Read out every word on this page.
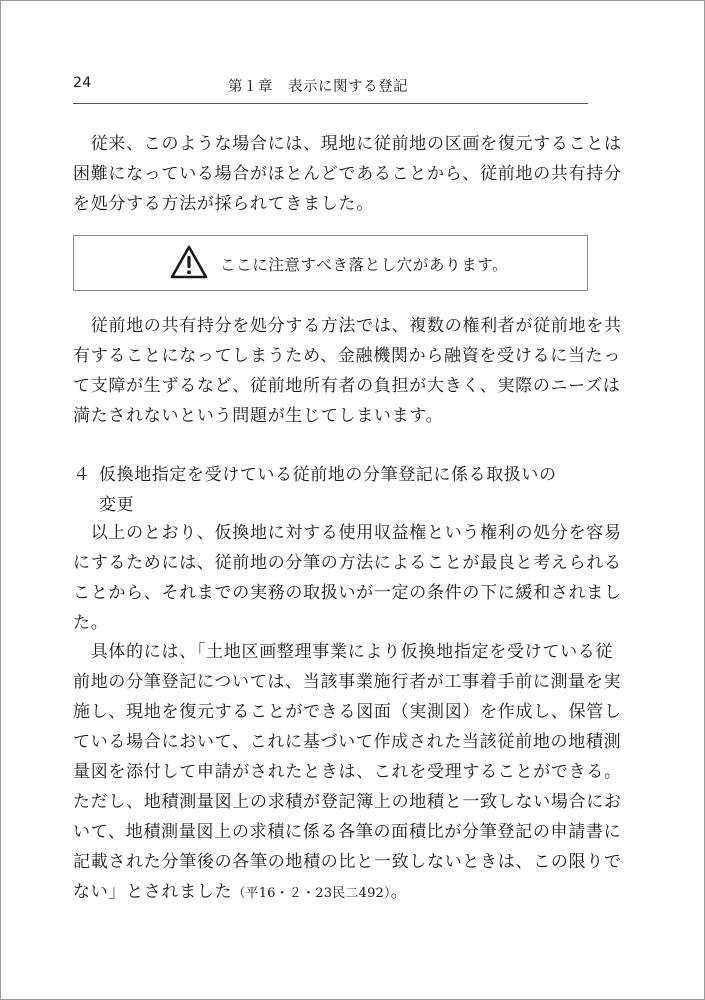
24	第１章　表示に関する登記

　従来、このような場合には、現地に従前地の区画を復元することは

困難になっている場合がほとんどであることから、従前地の共有持分

を処分する方法が採られてきました。

ここに注意すべき落とし穴があります。

　従前地の共有持分を処分する方法では、複数の権利者が従前地を共

有することになってしまうため、金融機関から融資を受けるに当たっ

て支障が生ずるなど、従前地所有者の負担が大きく、実際のニーズは

満たされないという問題が生じてしまいます。

４ 仮換地指定を受けている従前地の分筆登記に係る取扱いの
変更

　以上のとおり、仮換地に対する使用収益権という権利の処分を容易

にするためには、従前地の分筆の方法によることが最良と考えられる

ことから、それまでの実務の取扱いが一定の条件の下に緩和されまし

た。

　具体的には、「土地区画整理事業により仮換地指定を受けている従

前地の分筆登記については、当該事業施行者が工事着手前に測量を実

施し、現地を復元することができる図面（実測図）を作成し、保管し

ている場合において、これに基づいて作成された当該従前地の地積測

量図を添付して申請がされたときは、これを受理することができる。

ただし、地積測量図上の求積が登記簿上の地積と一致しない場合にお

いて、地積測量図上の求積に係る各筆の面積比が分筆登記の申請書に

記載された分筆後の各筆の地積の比と一致しないときは、この限りで

ない」とされました（平16・２・23民二492）。
